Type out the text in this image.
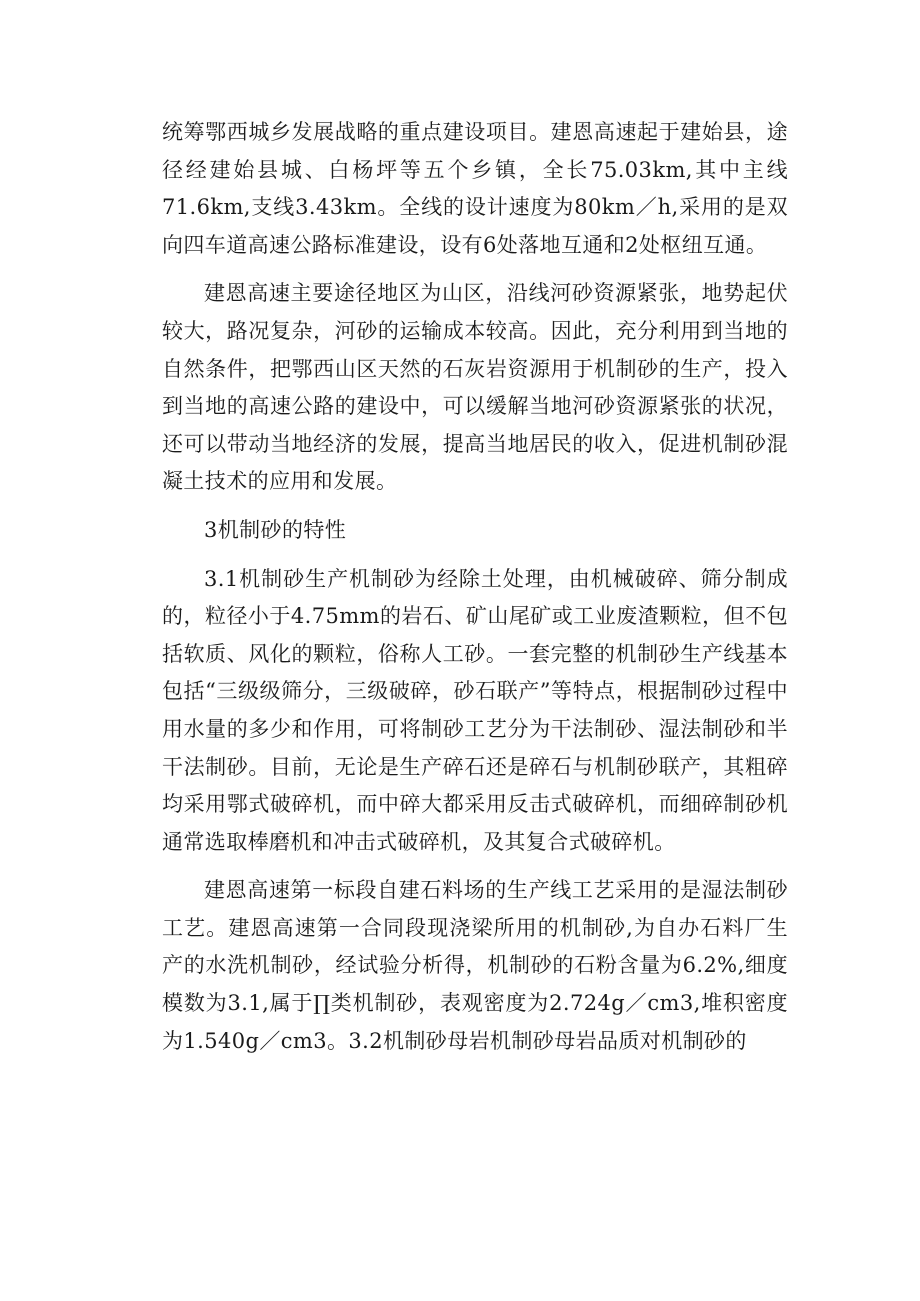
统筹鄂西城乡发展战略的重点建设项目。建恩高速起于建始县，途径经建始县城、白杨坪等五个乡镇，全长75.03km,其中主线71.6km,支线3.43km。全线的设计速度为80km／h,采用的是双向四车道高速公路标准建设，设有6处落地互通和2处枢纽互通。

建恩高速主要途径地区为山区，沿线河砂资源紧张，地势起伏较大，路况复杂，河砂的运输成本较高。因此，充分利用到当地的自然条件，把鄂西山区天然的石灰岩资源用于机制砂的生产，投入到当地的高速公路的建设中，可以缓解当地河砂资源紧张的状况，还可以带动当地经济的发展，提高当地居民的收入，促进机制砂混凝土技术的应用和发展。

3机制砂的特性

3.1机制砂生产机制砂为经除土处理，由机械破碎、筛分制成的，粒径小于4.75mm的岩石、矿山尾矿或工业废渣颗粒，但不包括软质、风化的颗粒，俗称人工砂。一套完整的机制砂生产线基本包括“三级级筛分，三级破碎，砂石联产”等特点，根据制砂过程中用水量的多少和作用，可将制砂工艺分为干法制砂、湿法制砂和半干法制砂。目前，无论是生产碎石还是碎石与机制砂联产，其粗碎均采用鄂式破碎机，而中碎大都采用反击式破碎机，而细碎制砂机通常选取棒磨机和冲击式破碎机，及其复合式破碎机。

建恩高速第一标段自建石料场的生产线工艺采用的是湿法制砂工艺。建恩高速第一合同段现浇梁所用的机制砂,为自办石料厂生产的水洗机制砂，经试验分析得，机制砂的石粉含量为6.2%,细度模数为3.1,属于∏类机制砂，表观密度为2.724g／cm3,堆积密度为1.540g／cm3。3.2机制砂母岩机制砂母岩品质对机制砂的
